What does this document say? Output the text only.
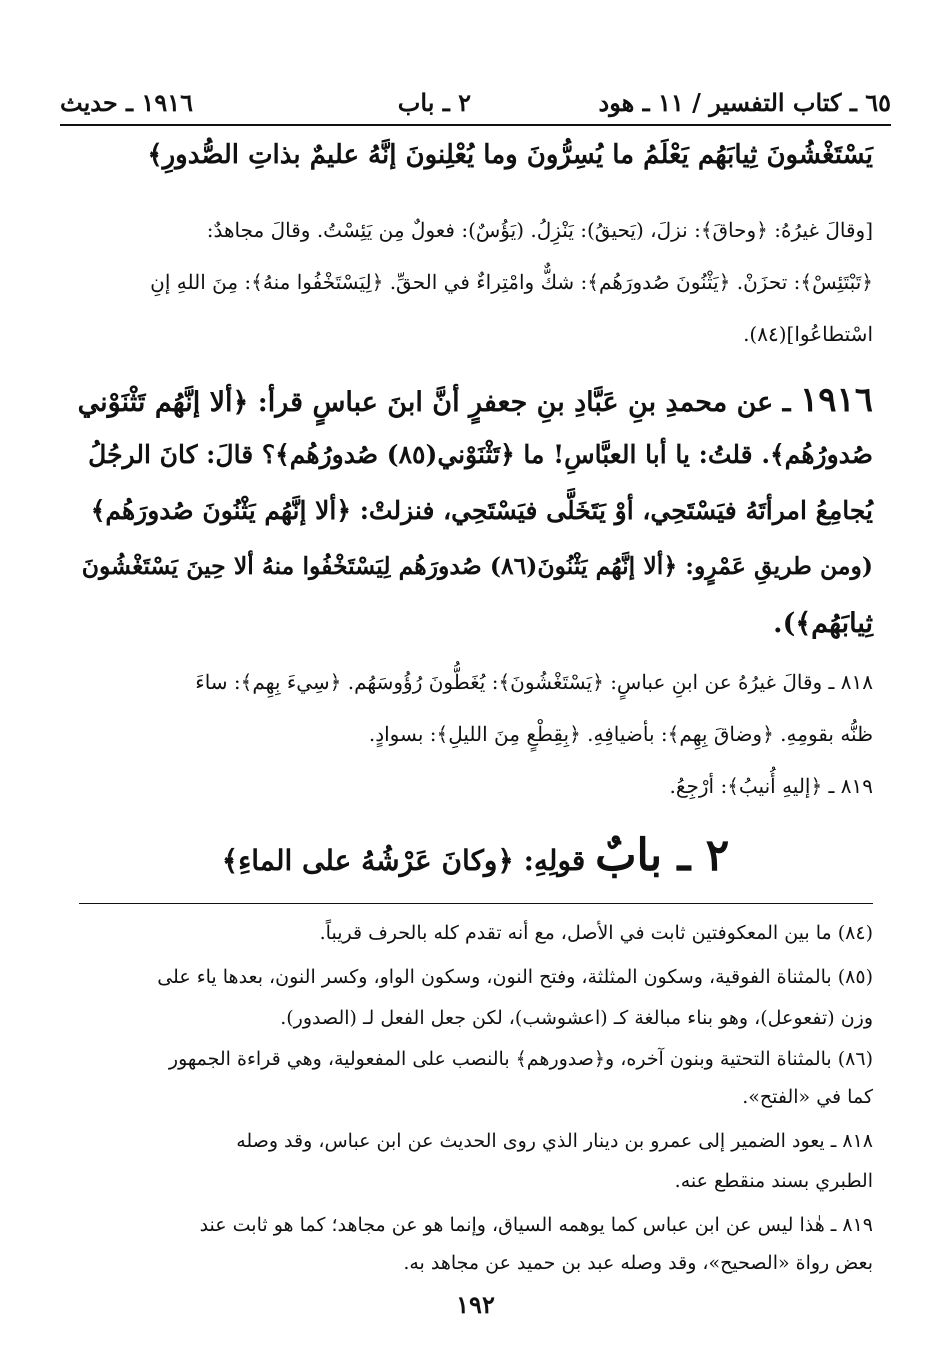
٦٥ ـ كتاب التفسير / ١١ ـ هود
٢ ـ باب
١٩١٦ ـ حديث
يَسْتَغْشُونَ ثِيابَهُم يَعْلَمُ ما يُسِرُّونَ وما يُعْلِنونَ إنَّهُ عليمٌ بذاتِ الصُّدورِ﴾
[وقالَ غيرُهُ: ﴿وحاقَ﴾: نزلَ، (يَحيقُ): يَنْزِلُ. (يَؤُسٌ): فعولٌ مِن يَئِسْتُ. وقالَ مجاهدٌ:
﴿تَبْتَئِسْ﴾: تحزَنْ. ﴿يَثْنُونَ صُدورَهُم﴾: شكٌّ وامْتِراءٌ في الحقِّ. ﴿لِيَسْتَخْفُوا منهُ﴾: مِنَ اللهِ إنِ
اسْتطاعُوا](٨٤).
١٩١٦ ـ عن محمدِ بنِ عَبَّادِ بنِ جعفرٍ أنَّ ابنَ عباسٍ قرأ: ﴿ألا إنَّهُم تَثْنَوْني
صُدورُهُم﴾. قلتُ: يا أبا العبَّاسِ! ما ﴿تَثْنَوْني(٨٥) صُدورُهُم﴾؟ قالَ: كانَ الرجُلُ
يُجامِعُ امرأتَهُ فيَسْتَحِي، أوْ يَتَخَلَّى فيَسْتَحِي، فنزلتْ: ﴿ألا إنَّهُم يَثْنُونَ صُدورَهُم﴾
(ومن طريقِ عَمْرٍو: ﴿ألا إنَّهُم يَثْنُونَ(٨٦) صُدورَهُم لِيَسْتَخْفُوا منهُ ألا حِينَ يَسْتَغْشُونَ
ثِيابَهُم﴾).
٨١٨ ـ وقالَ غيرُهُ عن ابنِ عباسٍ: ﴿يَسْتَغْشُونَ﴾: يُغَطُّونَ رُؤُوسَهُم. ﴿سِيءَ بِهِم﴾: ساءَ
ظنُّه بقومِهِ. ﴿وضاقَ بِهِم﴾: بأضيافِهِ. ﴿بِقِطْعٍ مِنَ الليلِ﴾: بسوادٍ.
٨١٩ ـ ﴿إليهِ أُنيبُ﴾: أرْجِعُ.
٢ ـ بابٌ قولِهِ: ﴿وكانَ عَرْشُهُ على الماءِ﴾
(٨٤) ما بين المعكوفتين ثابت في الأصل، مع أنه تقدم كله بالحرف قريباً.
(٨٥) بالمثناة الفوقية، وسكون المثلثة، وفتح النون، وسكون الواو، وكسر النون، بعدها ياء على
وزن (تفعوعل)، وهو بناء مبالغة كـ (اعشوشب)، لكن جعل الفعل لـ (الصدور).
(٨٦) بالمثناة التحتية وبنون آخره، و﴿صدورهم﴾ بالنصب على المفعولية، وهي قراءة الجمهور
كما في «الفتح».
٨١٨ ـ يعود الضمير إلى عمرو بن دينار الذي روى الحديث عن ابن عباس، وقد وصله
الطبري بسند منقطع عنه.
٨١٩ ـ هٰذا ليس عن ابن عباس كما يوهمه السياق، وإنما هو عن مجاهد؛ كما هو ثابت عند
بعض رواة «الصحيح»، وقد وصله عبد بن حميد عن مجاهد به.
١٩٢
